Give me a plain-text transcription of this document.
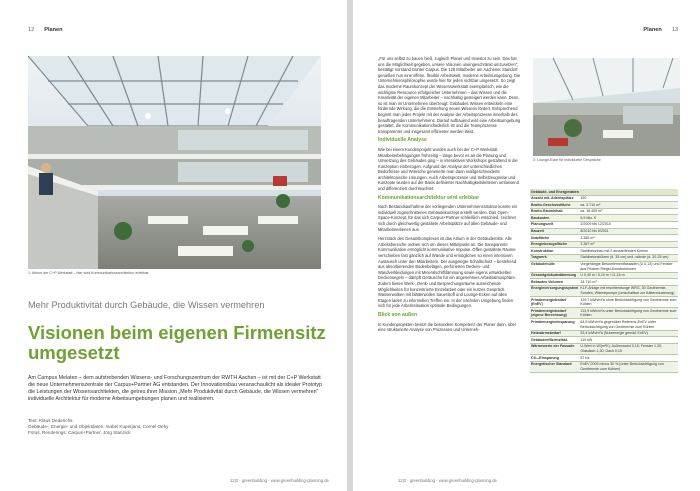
12 Planen
1: Atrium der C+P Werkstatt – hier wird Kommunikationsarchitektur erlebbar.
Mehr Produktivität durch Gebäude, die Wissen vermehren
Visionen beim eigenen Firmensitz umgesetzt
Am Campus Melaten – dem aufstrebenden Wissens- und Forschungszentrum der RWTH Aachen – ist mit der C+P Werkstatt die neue Unternehmenszentrale der Carpus+Partner AG entstanden. Der Innovationsbau veranschaulicht als idealer Prototyp die Leistungen der Wissensarchitekten, die getreu ihrer Mission „Mehr Produktivität durch Gebäude, die Wissen vermehren" individuelle Architektur für moderne Arbeitsumgebungen planen und realisieren.
Text: Klaus Dederichs
Gebäude-, Energie- und Objektdaten: Isabel Kuperjans, Cornel Oehy
Fotos, Renderings: Carpus+Partner, Jörg Stanzick
12|2 · greenbuilding · www.greenbuilding-planning.de
Planen 13
12|2 · greenbuilding · www.greenbuilding-planning.de

„Für uns selbst zu bauen hieß, zugleich Planer und Investor zu sein. Das hat uns die Möglichkeit gegeben, unsere Visionen uneingeschränkt umzusetzen", bestätigt Vorstand Günter Carpus. Die 120 Mitarbeiter am Aachener Standort genießen nun eine offene, flexible Arbeitswelt, moderne Arbeitsumgebung. Die Unternehmensphilosophie wurde hier für jeden sichtbar umgesetzt. So zeigt das moderne Raumkonzept der Wissenswerkstatt exemplarisch, wie die wichtigste Ressource erfolgreicher Unternehmen – das Wissen und die Kreativität der eigenen Mitarbeiter – nachhaltig gesteigert werden kann. Denn, so ist man im Unternehmen überzeugt: Gebäudes Wissen entwickeln eine fördernde Wirkung, die die Entstehung neuen Wissens fördert. Entsprechend beginnt man jedes Projekt mit der Analyse der Arbeitsprozesse innerhalb des beauftragenden Unternehmens. Darauf aufbauend wird eine Arbeitsumgebung gestaltet, die Kommunikationsförderlich ist und die Teamprozesse transparenter und insgesamt effizienter werden lässt.

Individuelle Analyse

Wie bei einem Kundenprojekt wurden auch bei der C+P Werkstatt Mitarbeiterbefragungen frühzeitig – lange bevor es an die Planung und Umsetzung des Gebäudes ging – in interaktiven Workshops gestaltend in die Konzeption einbezogen. Aufgrund der Analyse der unterschiedlichen Bedürfnisse und Wünsche generierte man dann maßgeschneiderte architektonische Lösungen. Auch Arbeitsprozesse und Selbstzeugnisse und Konzepte wurden auf der Basis definierter Nachhaltigkeitskriterien umfassend und differenziert durchleuchtet.

Kommunikationsarchitektur wird erlebbar

Nach Bestandsaufnahme der vorliegenden Unternehmensstruktur konnte ein individuell zugeschnittenes Gebäudekonzept erstellt werden. Das Open-Space-Konzept, für das sich Carpus+Partner schließlich entschied, zeichnet sich durch gleichwertig gestaltete Arbeitsplätze auf allen Gebäude- und Mitarbeiterebenen aus.

Herzstück des Gesamtkomplexes ist das Atrium in der Gebäudemitte. Alle Arbeitsbereiche ordnen sich um dieses Mittelpunkt an. Die transparente Kommunikation ermöglicht kommunikative Impulse. Offen gestaltete Räume verschieben fast gänzlich auf Wände und ermöglichen so einen intensiven Austausch unter den Mitarbeitern. Der ausgelegte Schallschutz – bestehend aus absorbierenden Bodenbelägen, perforierten Decken- und Wandverkleidungen mit Mineralschiffdämmung sowie eigens entwickelten Deckensegeln – dämpft Geräusche für ein angenehmes Arbeitsatmosphäre. Zudem bieten Werk-, Denk- und Besprechungsräume ausreichende Möglichkeiten für konzentrierte Einzelarbeit oder ein kurzes Gespräch. Wasserwolken mit blätterwollen Sauerstoff und Lounge-Ecken auf allen Etagen laden zu informellen Treffen ein. In der nächsten Umgebung finden sich für jede Arbeitssituation optimale Bedingungen.

Blick von außen

In Kundenprojekten besitzt die besondere Kompetenz der Planer dann, über eine strukturierte Analyse von Prozessen und Unterneh-

2: Lounge-Ecke für individuelle Gespräche
Gebäude- und Energiedaten	
Anzahl mit. Arbeitsplätze	150
Brutto-Geschossfläche	ca. 3.710 m²
Brutto-Rauminhalt	ca. 18.400 m³
Baukosten	5,9 Mio. €
Planungszeit	2/2009 bis 12/2010
Bauzeit	8/2010 bis 6/2011
Nutzfläche	3.365 m²
Energiebezugsfläche	3.367 m²
Konstruktion	Stahlbetonbau mit 2 aussteifenden Kernen
Tragwerk	Stahlbetonstützen (d. 35 cm) und -wände (d. 20-25 cm)
Gebäudehülle	Vorgehängte Betonelementfassaden (U 0,13) und Fenster aus Pfosten-Riegel-Konstruktionen
Gesamtgebäudedämmung	U 0,40 m / 0,10 m / 11,16 m
Bebautes Volumen	18.710 m³
Energieversorgungssystem	KLF-Anlage mit reschtemtunge WRG, 30 Geothermie-Sonden, Wärmepumpe (umschaltbar zur Kältereduzierung)
Primärenergiebedarf (EnEV)	129,7 kWh/m²a ohne Berücksichtigung von Geothermie zum Kühlen
Primärenergiebedarf (eigene Berechnung)	113,9 kWh/m²a unter Berücksichtigung von Geothermie zum Kühlen
Primärenergieeinsparung	64,5 kWh/m²a gegenüber Referenz-EnEV unter Berücksichtigung von Geothermie zum Kühlen
Heizwärmebedarf	53,4 kWh/m²a (Nutzenergie gemäß EnEV)
Gebäudeeffizienzfakt.	119 kW
Wärmewerte der Fassade	U-Wert in W/(m²K): Außenwand 0,15; Fenster 1,30; Glasdach 1,30; Dach 0,15
CO₂-Einsparung	57 t/a
Energetischer Standard	EnEV 2009 minus 30 % (unter Berücksichtigung von Geothermie zum Kühlen)
